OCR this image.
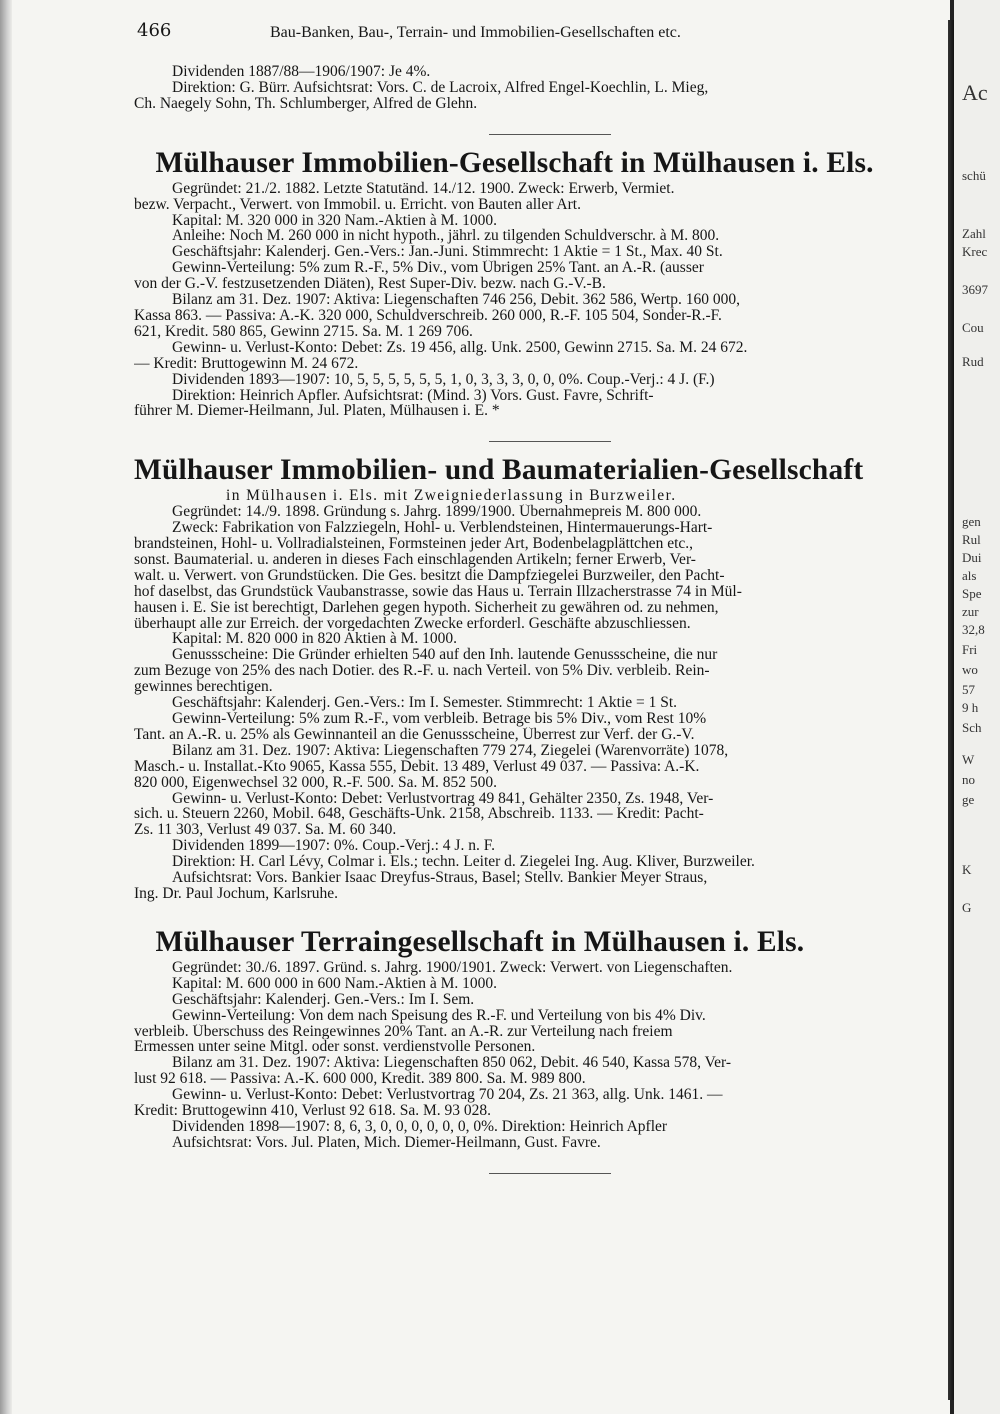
Ac
schü
Zahl
Krec
3697
Cou
Rud
gen
Rul
Dui
als
Spe
zur
32,8
Fri
wo
57
9 h
Sch
W
no
ge
K
G
466	Bau-Banken, Bau-, Terrain- und Immobilien-Gesellschaften etc.
Dividenden 1887/88—1906/1907: Je 4%.
Direktion: G. Bürr. Aufsichtsrat: Vors. C. de Lacroix, Alfred Engel-Koechlin, L. Mieg,
Ch. Naegely Sohn, Th. Schlumberger, Alfred de Glehn.
Mülhauser Immobilien-Gesellschaft in Mülhausen i. Els.
Gegründet: 21./2. 1882. Letzte Statutänd. 14./12. 1900. Zweck: Erwerb, Vermiet.
bezw. Verpacht., Verwert. von Immobil. u. Erricht. von Bauten aller Art.
Kapital: M. 320 000 in 320 Nam.-Aktien à M. 1000.
Anleihe: Noch M. 260 000 in nicht hypoth., jährl. zu tilgenden Schuldverschr. à M. 800.
Geschäftsjahr: Kalenderj. Gen.-Vers.: Jan.-Juni. Stimmrecht: 1 Aktie = 1 St., Max. 40 St.
Gewinn-Verteilung: 5% zum R.-F., 5% Div., vom Übrigen 25% Tant. an A.-R. (ausser
von der G.-V. festzusetzenden Diäten), Rest Super-Div. bezw. nach G.-V.-B.
Bilanz am 31. Dez. 1907: Aktiva: Liegenschaften 746 256, Debit. 362 586, Wertp. 160 000,
Kassa 863. — Passiva: A.-K. 320 000, Schuldverschreib. 260 000, R.-F. 105 504, Sonder-R.-F.
621, Kredit. 580 865, Gewinn 2715. Sa. M. 1 269 706.
Gewinn- u. Verlust-Konto: Debet: Zs. 19 456, allg. Unk. 2500, Gewinn 2715. Sa. M. 24 672.
— Kredit: Bruttogewinn M. 24 672.
Dividenden 1893—1907: 10, 5, 5, 5, 5, 5, 5, 1, 0, 3, 3, 3, 0, 0, 0%. Coup.-Verj.: 4 J. (F.)
Direktion: Heinrich Apfler. Aufsichtsrat: (Mind. 3) Vors. Gust. Favre, Schrift-
führer M. Diemer-Heilmann, Jul. Platen, Mülhausen i. E. *
Mülhauser Immobilien- und Baumaterialien-Gesellschaft
in Mülhausen i. Els. mit Zweigniederlassung in Burzweiler.
Gegründet: 14./9. 1898. Gründung s. Jahrg. 1899/1900. Übernahmepreis M. 800 000.
Zweck: Fabrikation von Falzziegeln, Hohl- u. Verblendsteinen, Hintermauerungs-Hart-
brandsteinen, Hohl- u. Vollradialsteinen, Formsteinen jeder Art, Bodenbelagplättchen etc.,
sonst. Baumaterial. u. anderen in dieses Fach einschlagenden Artikeln; ferner Erwerb, Ver-
walt. u. Verwert. von Grundstücken. Die Ges. besitzt die Dampfziegelei Burzweiler, den Pacht-
hof daselbst, das Grundstück Vaubanstrasse, sowie das Haus u. Terrain Illzacherstrasse 74 in Mül-
hausen i. E. Sie ist berechtigt, Darlehen gegen hypoth. Sicherheit zu gewähren od. zu nehmen,
überhaupt alle zur Erreich. der vorgedachten Zwecke erforderl. Geschäfte abzuschliessen.
Kapital: M. 820 000 in 820 Aktien à M. 1000.
Genussscheine: Die Gründer erhielten 540 auf den Inh. lautende Genussscheine, die nur
zum Bezuge von 25% des nach Dotier. des R.-F. u. nach Verteil. von 5% Div. verbleib. Rein-
gewinnes berechtigen.
Geschäftsjahr: Kalenderj. Gen.-Vers.: Im I. Semester. Stimmrecht: 1 Aktie = 1 St.
Gewinn-Verteilung: 5% zum R.-F., vom verbleib. Betrage bis 5% Div., vom Rest 10%
Tant. an A.-R. u. 25% als Gewinnanteil an die Genussscheine, Überrest zur Verf. der G.-V.
Bilanz am 31. Dez. 1907: Aktiva: Liegenschaften 779 274, Ziegelei (Warenvorräte) 1078,
Masch.- u. Installat.-Kto 9065, Kassa 555, Debit. 13 489, Verlust 49 037. — Passiva: A.-K.
820 000, Eigenwechsel 32 000, R.-F. 500. Sa. M. 852 500.
Gewinn- u. Verlust-Konto: Debet: Verlustvortrag 49 841, Gehälter 2350, Zs. 1948, Ver-
sich. u. Steuern 2260, Mobil. 648, Geschäfts-Unk. 2158, Abschreib. 1133. — Kredit: Pacht-
Zs. 11 303, Verlust 49 037. Sa. M. 60 340.
Dividenden 1899—1907: 0%. Coup.-Verj.: 4 J. n. F.
Direktion: H. Carl Lévy, Colmar i. Els.; techn. Leiter d. Ziegelei Ing. Aug. Kliver, Burzweiler.
Aufsichtsrat: Vors. Bankier Isaac Dreyfus-Straus, Basel; Stellv. Bankier Meyer Straus,
Ing. Dr. Paul Jochum, Karlsruhe.
Mülhauser Terraingesellschaft in Mülhausen i. Els.
Gegründet: 30./6. 1897. Gründ. s. Jahrg. 1900/1901. Zweck: Verwert. von Liegenschaften.
Kapital: M. 600 000 in 600 Nam.-Aktien à M. 1000.
Geschäftsjahr: Kalenderj. Gen.-Vers.: Im I. Sem.
Gewinn-Verteilung: Von dem nach Speisung des R.-F. und Verteilung von bis 4% Div.
verbleib. Überschuss des Reingewinnes 20% Tant. an A.-R. zur Verteilung nach freiem
Ermessen unter seine Mitgl. oder sonst. verdienstvolle Personen.
Bilanz am 31. Dez. 1907: Aktiva: Liegenschaften 850 062, Debit. 46 540, Kassa 578, Ver-
lust 92 618. — Passiva: A.-K. 600 000, Kredit. 389 800. Sa. M. 989 800.
Gewinn- u. Verlust-Konto: Debet: Verlustvortrag 70 204, Zs. 21 363, allg. Unk. 1461. —
Kredit: Bruttogewinn 410, Verlust 92 618. Sa. M. 93 028.
Dividenden 1898—1907: 8, 6, 3, 0, 0, 0, 0, 0, 0, 0%. Direktion: Heinrich Apfler
Aufsichtsrat: Vors. Jul. Platen, Mich. Diemer-Heilmann, Gust. Favre.
